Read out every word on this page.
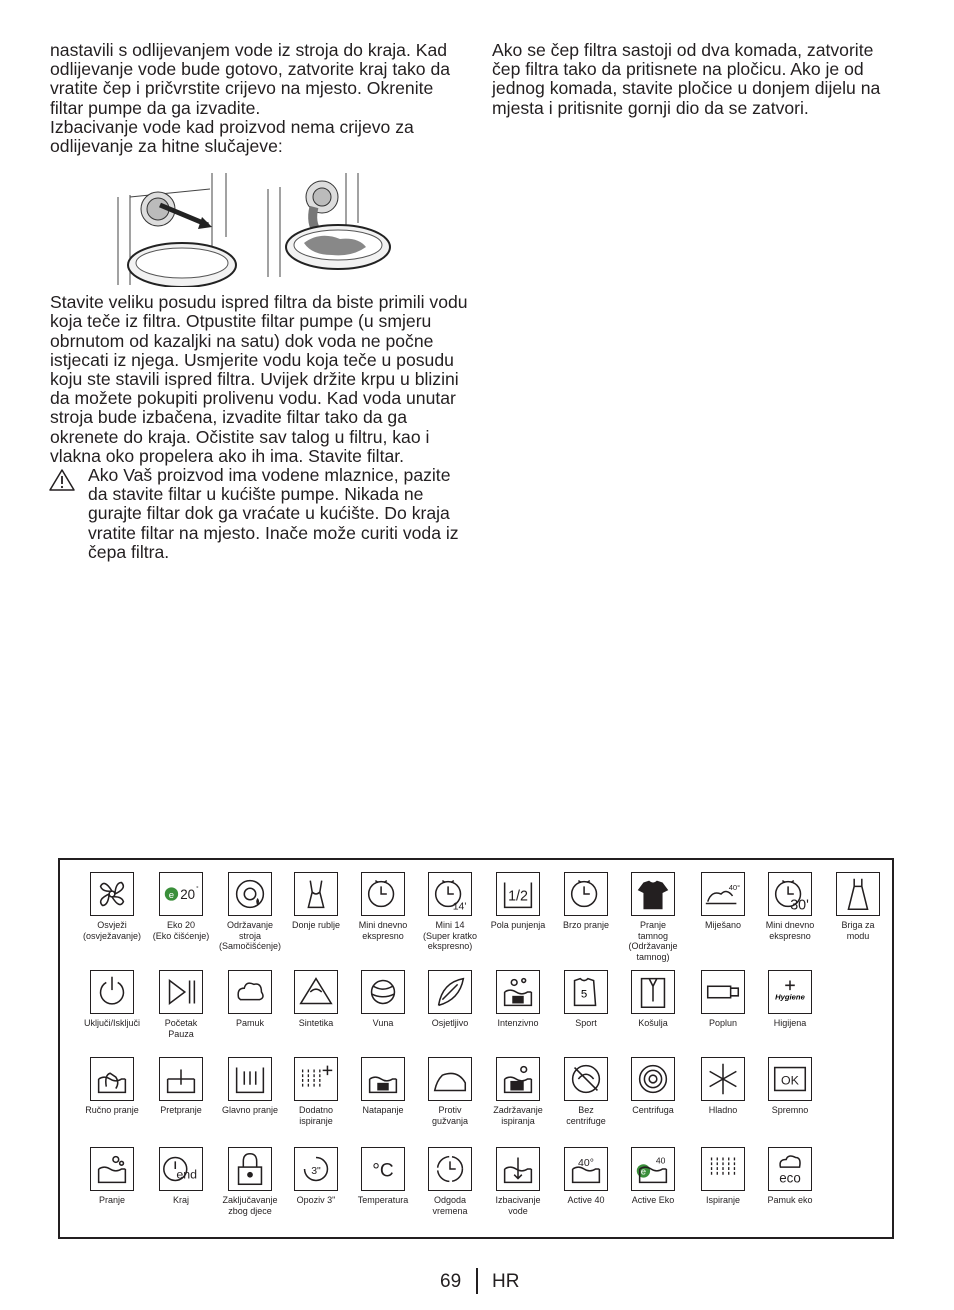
nastavili s odlijevanjem vode iz stroja do kraja. Kad odlijevanje vode bude gotovo, zatvorite kraj tako da vratite čep i pričvrstite crijevo na mjesto. Okrenite filtar pumpe da ga izvadite.

Izbacivanje vode kad proizvod nema crijevo za odlijevanje za hitne slučajeve:

Stavite veliku posudu ispred filtra da biste primili vodu koja teče iz filtra. Otpustite filtar pumpe (u smjeru obrnutom od kazaljki na satu) dok voda ne počne istjecati iz njega. Usmjerite vodu koja teče u posudu koju ste stavili ispred filtra. Uvijek držite krpu u blizini da možete pokupiti prolivenu vodu. Kad voda unutar stroja bude izbačena, izvadite filtar tako da ga okrenete do kraja. Očistite sav talog u filtru, kao i vlakna oko propelera ako ih ima. Stavite filtar.

Ako Vaš proizvod ima vodene mlaznice, pazite da stavite filtar u kućište pumpe. Nikada ne gurajte filtar dok ga vraćate u kućište. Do kraja vratite filtar na mjesto. Inače može curiti voda iz čepa filtra.

Ako se čep filtra sastoji od dva komada, zatvorite čep filtra tako da pritisnete na pločicu. Ako je od jednog komada, stavite pločice u donjem dijelu na mjesta i pritisnite gornji dio da se zatvori.

Osvježi
(osvježavanje)
e 20 °
Eko 20
(Eko čišćenje)
Održavanje
stroja
(Samočišćenje)
Donje rublje	Mini dnevno
ekspresno
14'
Mini 14
(Super kratko
ekspresno)
1/2
Pola punjenja	Brzo pranje	Pranje
tamnog
(Održavanje
tamnog)
40°
Miješano
30'
Mini dnevno
ekspresno
Briga za
modu
Uključi/Isključi	Početak
Pauza
Pamuk	Sintetika	Vuna	Osjetljivo	Intenzivno
5
Sport	Košulja	Poplun
Hygiene
Higijena
Ručno pranje	Pretpranje	Glavno pranje	Dodatno
ispiranje
Natapanje	Protiv
gužvanja
Zadržavanje
ispiranja
Bez
centrifuge
Centrifuga	Hladno
OK
Spremno
Pranje
end
Kraj	Zaključavanje
zbog djece
3"
Opoziv 3"
°C
Temperatura	Odgoda
vremena
Izbacivanje
vode
40°
Active 40
e
40
Active Eko	Ispiranje
eco
Pamuk eko
69 HR
